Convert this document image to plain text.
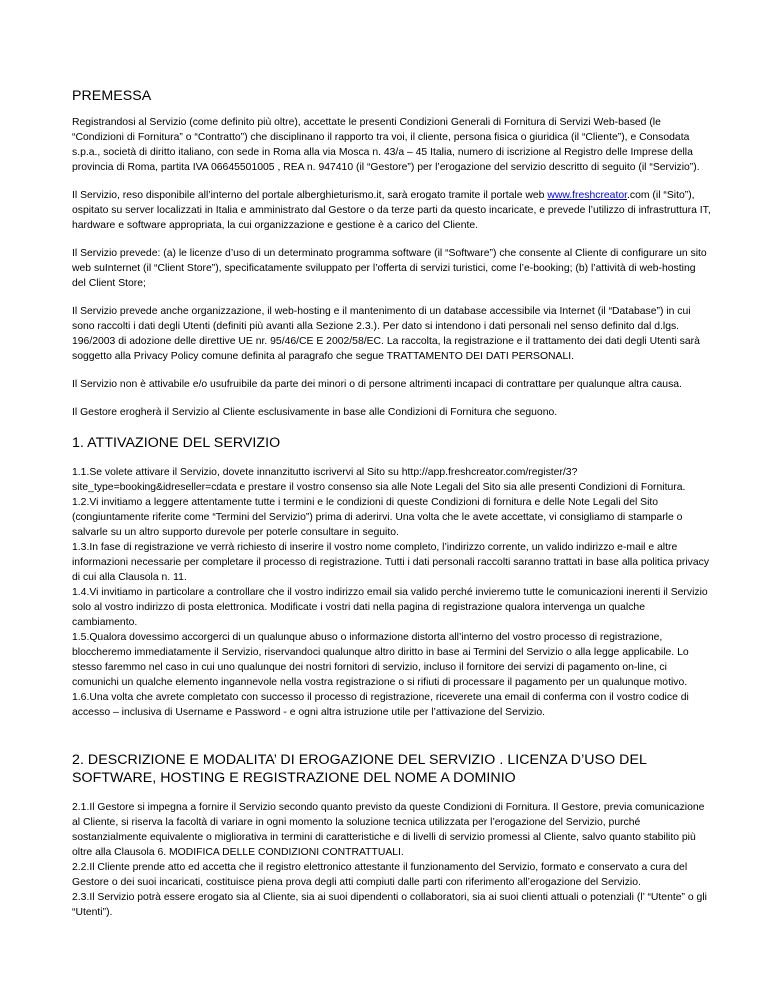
PREMESSA

Registrandosi al Servizio (come definito più oltre), accettate le presenti Condizioni Generali di Fornitura di Servizi Web-based (le “Condizioni di Fornitura” o “Contratto”) che disciplinano il rapporto tra voi, il cliente, persona fisica o giuridica (il “Cliente”), e Consodata s.p.a., società di diritto italiano, con sede in Roma alla via Mosca n. 43/a – 45 Italia, numero di iscrizione al Registro delle Imprese della provincia di Roma, partita IVA 06645501005 , REA n. 947410 (il “Gestore”) per l’erogazione del servizio descritto di seguito (il “Servizio”).

Il Servizio, reso disponibile all’interno del portale alberghieturismo.it, sarà erogato tramite il portale web www.freshcreator.com (il “Sito”), ospitato su server localizzati in Italia e amministrato dal Gestore o da terze parti da questo incaricate, e prevede l’utilizzo di infrastruttura IT, hardware e software appropriata, la cui organizzazione e gestione è a carico del Cliente.

Il Servizio prevede: (a) le licenze d’uso di un determinato programma software (il “Software”) che consente al Cliente di configurare un sito web suInternet (il “Client Store”), specificatamente sviluppato per l’offerta di servizi turistici, come l’e-booking; (b) l’attività di web-hosting del Client Store;

Il Servizio prevede anche organizzazione, il web-hosting e il mantenimento di un database accessibile via Internet (il “Database”) in cui sono raccolti i dati degli Utenti (definiti più avanti alla Sezione 2.3.). Per dato si intendono i dati personali nel senso definito dal d.lgs. 196/2003 di adozione delle direttive UE nr. 95/46/CE E 2002/58/EC. La raccolta, la registrazione e il trattamento dei dati degli Utenti sarà soggetto alla Privacy Policy comune definita al paragrafo che segue TRATTAMENTO DEI DATI PERSONALI.

Il Servizio non è attivabile e/o usufruibile da parte dei minori o di persone altrimenti incapaci di contrattare per qualunque altra causa.

Il Gestore erogherà il Servizio al Cliente esclusivamente in base alle Condizioni di Fornitura che seguono.

1. ATTIVAZIONE DEL SERVIZIO

1.1.Se volete attivare il Servizio, dovete innanzitutto iscrivervi al Sito su http://app.freshcreator.com/register/3?site_type=booking&idreseller=cdata e prestare il vostro consenso sia alle Note Legali del Sito sia alle presenti Condizioni di Fornitura.
1.2.Vi invitiamo a leggere attentamente tutte i termini e le condizioni di queste Condizioni di fornitura e delle Note Legali del Sito (congiuntamente riferite come “Termini del Servizio”) prima di aderirvi. Una volta che le avete accettate, vi consigliamo di stamparle o salvarle su un altro supporto durevole per poterle consultare in seguito.
1.3.In fase di registrazione ve verrà richiesto di inserire il vostro nome completo, l’indirizzo corrente, un valido indirizzo e-mail e altre informazioni necessarie per completare il processo di registrazione. Tutti i dati personali raccolti saranno trattati in base alla politica privacy di cui alla Clausola n. 11.
1.4.Vi invitiamo in particolare a controllare che il vostro indirizzo email sia valido perché invieremo tutte le comunicazioni inerenti il Servizio solo al vostro indirizzo di posta elettronica. Modificate i vostri dati nella pagina di registrazione qualora intervenga un qualche cambiamento.
1.5.Qualora dovessimo accorgerci di un qualunque abuso o informazione distorta all’interno del vostro processo di registrazione, bloccheremo immediatamente il Servizio, riservandoci qualunque altro diritto in base ai Termini del Servizio o alla legge applicabile. Lo stesso faremmo nel caso in cui uno qualunque dei nostri fornitori di servizio, incluso il fornitore dei servizi di pagamento on-line, ci comunichi un qualche elemento ingannevole nella vostra registrazione o si rifiuti di processare il pagamento per un qualunque motivo.
1.6.Una volta che avrete completato con successo il processo di registrazione, riceverete una email di conferma con il vostro codice di accesso – inclusiva di Username e Password - e ogni altra istruzione utile per l’attivazione del Servizio.

2. DESCRIZIONE E MODALITA’ DI EROGAZIONE DEL SERVIZIO . LICENZA D’USO DEL SOFTWARE, HOSTING E REGISTRAZIONE DEL NOME A DOMINIO

2.1.Il Gestore si impegna a fornire il Servizio secondo quanto previsto da queste Condizioni di Fornitura. Il Gestore, previa comunicazione al Cliente, si riserva la facoltà di variare in ogni momento la soluzione tecnica utilizzata per l’erogazione del Servizio, purché sostanzialmente equivalente o migliorativa in termini di caratteristiche e di livelli di servizio promessi al Cliente, salvo quanto stabilito più oltre alla Clausola 6. MODIFICA DELLE CONDIZIONI CONTRATTUALI.
2.2.Il Cliente prende atto ed accetta che il registro elettronico attestante il funzionamento del Servizio, formato e conservato a cura del Gestore o dei suoi incaricati, costituisce piena prova degli atti compiuti dalle parti con riferimento all’erogazione del Servizio.
2.3.Il Servizio potrà essere erogato sia al Cliente, sia ai suoi dipendenti o collaboratori, sia ai suoi clienti attuali o potenziali (l’ “Utente” o gli “Utenti”).
